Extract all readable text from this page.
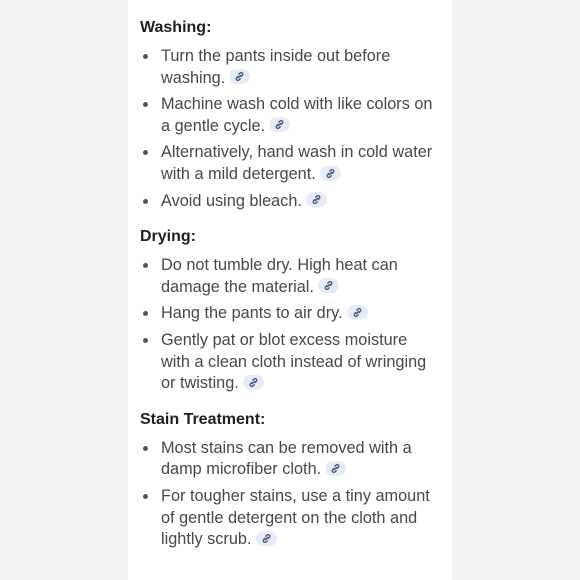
Washing:
Turn the pants inside out before washing.
Machine wash cold with like colors on a gentle cycle.
Alternatively, hand wash in cold water with a mild detergent.
Avoid using bleach.
Drying:
Do not tumble dry. High heat can damage the material.
Hang the pants to air dry.
Gently pat or blot excess moisture with a clean cloth instead of wringing or twisting.
Stain Treatment:
Most stains can be removed with a damp microfiber cloth.
For tougher stains, use a tiny amount of gentle detergent on the cloth and lightly scrub.
